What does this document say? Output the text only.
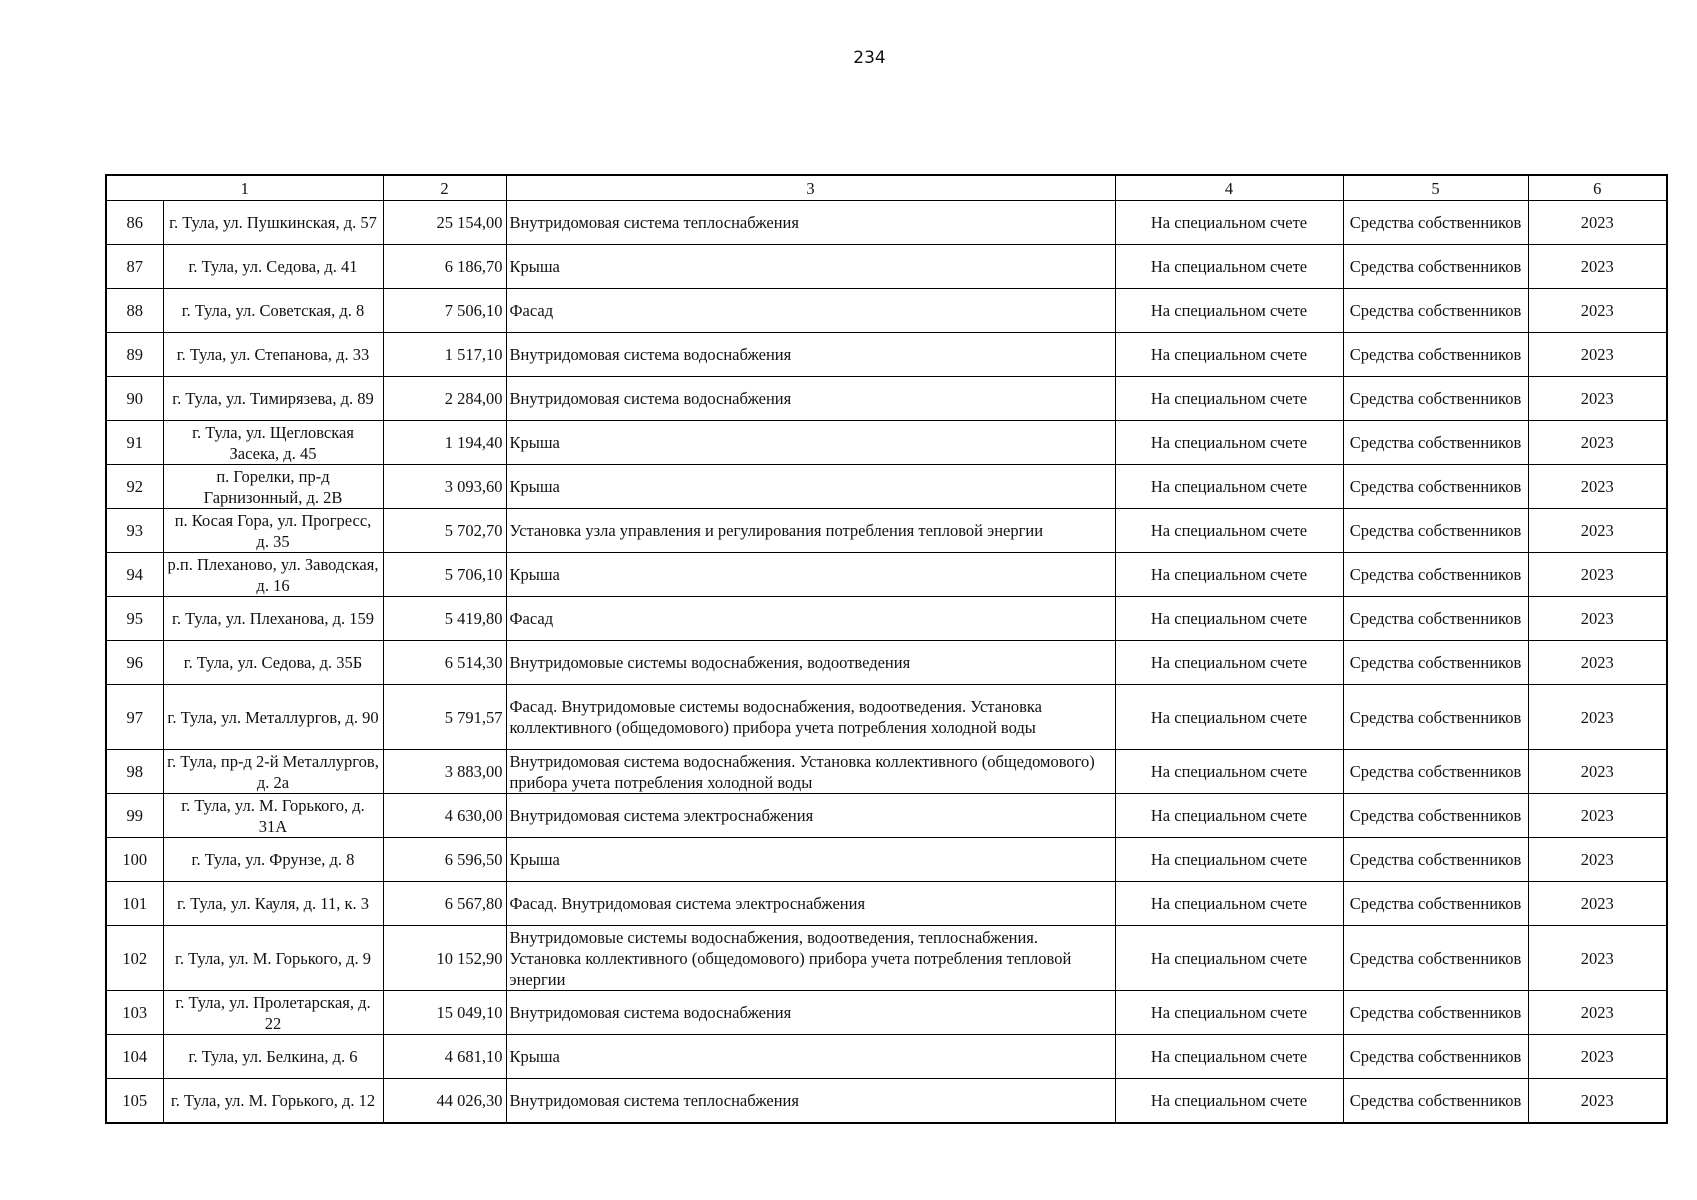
234
1		2	3	4	5	6
86	г. Тула, ул. Пушкинская, д. 57	25 154,00	Внутридомовая система теплоснабжения	На специальном счете	Средства собственников	2023
87	г. Тула, ул. Седова, д. 41	6 186,70	Крыша	На специальном счете	Средства собственников	2023
88	г. Тула, ул. Советская, д. 8	7 506,10	Фасад	На специальном счете	Средства собственников	2023
89	г. Тула, ул. Степанова, д. 33	1 517,10	Внутридомовая система водоснабжения	На специальном счете	Средства собственников	2023
90	г. Тула, ул. Тимирязева, д. 89	2 284,00	Внутридомовая система водоснабжения	На специальном счете	Средства собственников	2023
91	г. Тула, ул. Щегловская Засека, д. 45	1 194,40	Крыша	На специальном счете	Средства собственников	2023
92	п. Горелки, пр-д Гарнизонный, д. 2В	3 093,60	Крыша	На специальном счете	Средства собственников	2023
93	п. Косая Гора, ул. Прогресс, д. 35	5 702,70	Установка узла управления и регулирования потребления тепловой энергии	На специальном счете	Средства собственников	2023
94	р.п. Плеханово, ул. Заводская, д. 16	5 706,10	Крыша	На специальном счете	Средства собственников	2023
95	г. Тула, ул. Плеханова, д. 159	5 419,80	Фасад	На специальном счете	Средства собственников	2023
96	г. Тула, ул. Седова, д. 35Б	6 514,30	Внутридомовые системы водоснабжения, водоотведения	На специальном счете	Средства собственников	2023
97	г. Тула, ул. Металлургов, д. 90	5 791,57	Фасад. Внутридомовые системы водоснабжения, водоотведения. Установка коллективного (общедомового) прибора учета потребления холодной воды	На специальном счете	Средства собственников	2023
98	г. Тула, пр-д 2-й Металлургов, д. 2а	3 883,00	Внутридомовая система водоснабжения. Установка коллективного (общедомового) прибора учета потребления холодной воды	На специальном счете	Средства собственников	2023
99	г. Тула, ул. М. Горького, д. 31А	4 630,00	Внутридомовая система электроснабжения	На специальном счете	Средства собственников	2023
100	г. Тула, ул. Фрунзе, д. 8	6 596,50	Крыша	На специальном счете	Средства собственников	2023
101	г. Тула, ул. Кауля, д. 11, к. 3	6 567,80	Фасад. Внутридомовая система электроснабжения	На специальном счете	Средства собственников	2023
102	г. Тула, ул. М. Горького, д. 9	10 152,90	Внутридомовые системы водоснабжения, водоотведения, теплоснабжения. Установка коллективного (общедомового) прибора учета потребления тепловой энергии	На специальном счете	Средства собственников	2023
103	г. Тула, ул. Пролетарская, д. 22	15 049,10	Внутридомовая система водоснабжения	На специальном счете	Средства собственников	2023
104	г. Тула, ул. Белкина, д. 6	4 681,10	Крыша	На специальном счете	Средства собственников	2023
105	г. Тула, ул. М. Горького, д. 12	44 026,30	Внутридомовая система теплоснабжения	На специальном счете	Средства собственников	2023
